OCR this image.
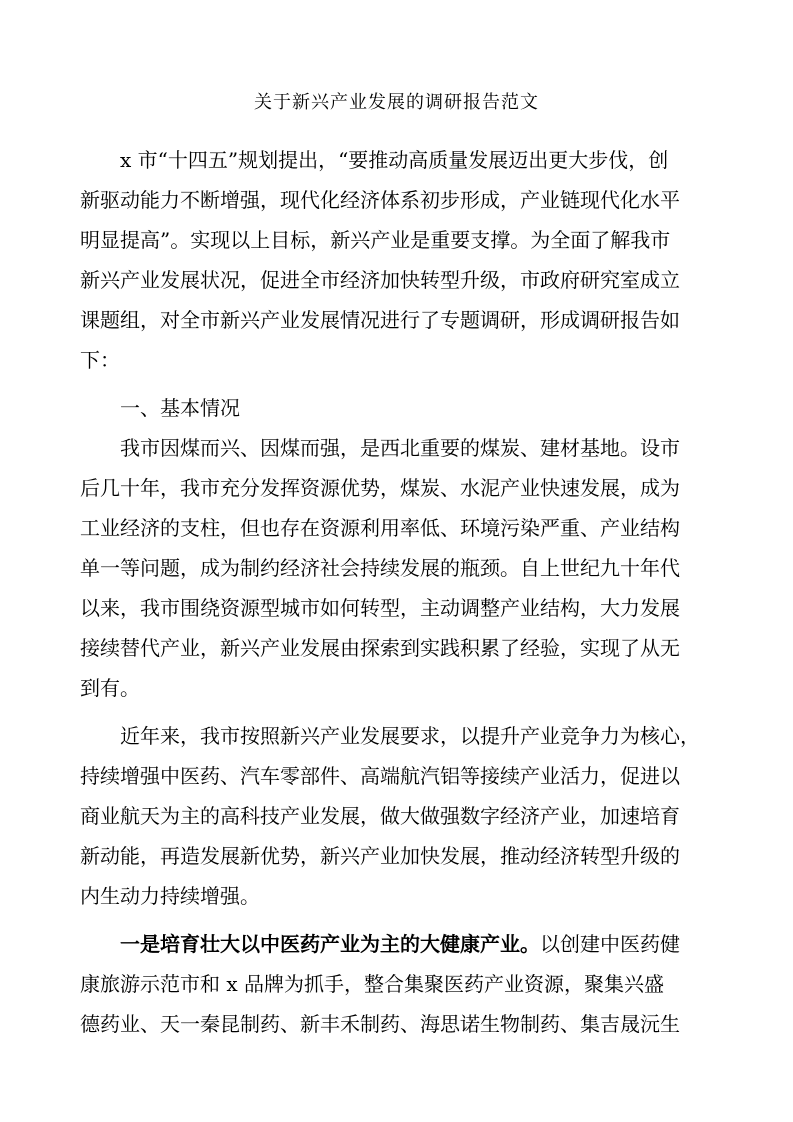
关于新兴产业发展的调研报告范文
x 市“十四五”规划提出，“要推动高质量发展迈出更大步伐，创
新驱动能力不断增强，现代化经济体系初步形成，产业链现代化水平
明显提高”。实现以上目标，新兴产业是重要支撑。为全面了解我市
新兴产业发展状况，促进全市经济加快转型升级，市政府研究室成立
课题组，对全市新兴产业发展情况进行了专题调研，形成调研报告如
下：
一、基本情况
我市因煤而兴、因煤而强，是西北重要的煤炭、建材基地。设市
后几十年，我市充分发挥资源优势，煤炭、水泥产业快速发展，成为
工业经济的支柱，但也存在资源利用率低、环境污染严重、产业结构
单一等问题，成为制约经济社会持续发展的瓶颈。自上世纪九十年代
以来，我市围绕资源型城市如何转型，主动调整产业结构，大力发展
接续替代产业，新兴产业发展由探索到实践积累了经验，实现了从无
到有。
近年来，我市按照新兴产业发展要求，以提升产业竞争力为核心，
持续增强中医药、汽车零部件、高端航汽铝等接续产业活力，促进以
商业航天为主的高科技产业发展，做大做强数字经济产业，加速培育
新动能，再造发展新优势，新兴产业加快发展，推动经济转型升级的
内生动力持续增强。
一是培育壮大以中医药产业为主的大健康产业。以创建中医药健
康旅游示范市和 x 品牌为抓手，整合集聚医药产业资源，聚集兴盛
德药业、天一秦昆制药、新丰禾制药、海思诺生物制药、集吉晟沅生
